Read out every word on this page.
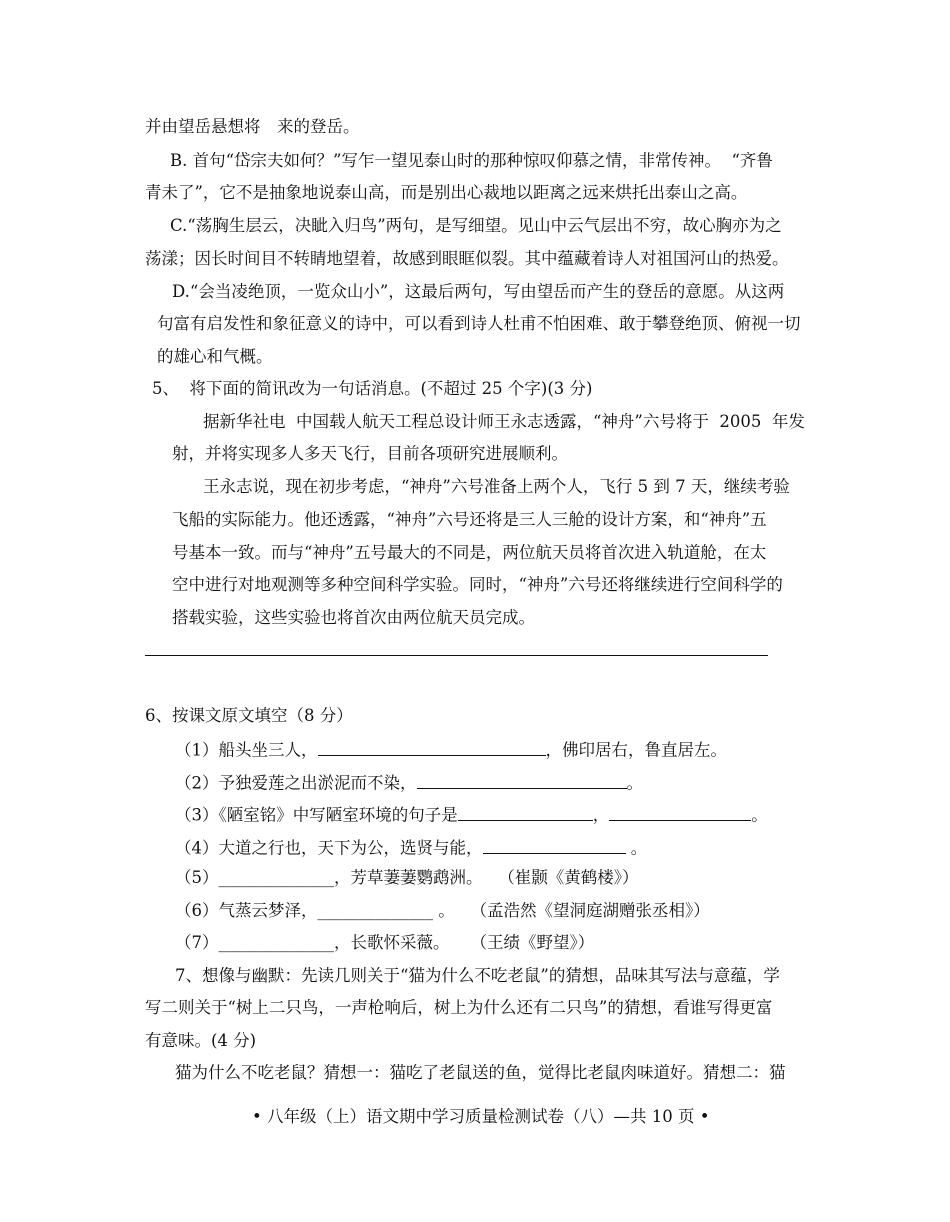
并由望岳悬想将　来的登岳。
B. 首句“岱宗夫如何？”写乍一望见泰山时的那种惊叹仰慕之情，非常传神。  “齐鲁
青未了”，它不是抽象地说泰山高，而是别出心裁地以距离之远来烘托出泰山之高。
C.“荡胸生层云，决眦入归鸟”两句，是写细望。见山中云气层出不穷，故心胸亦为之
荡漾；因长时间目不转睛地望着，故感到眼眶似裂。其中蕴藏着诗人对祖国河山的热爱。
D.“会当凌绝顶，一览众山小”，这最后两句，写由望岳而产生的登岳的意愿。从这两
句富有启发性和象征意义的诗中，可以看到诗人杜甫不怕困难、敢于攀登绝顶、俯视一切
的雄心和气概。
5、  将下面的简讯改为一句话消息。(不超过 25 个字)(3 分)
据新华社电  中国载人航天工程总设计师王永志透露，“神舟”六号将于  2005  年发
射，并将实现多人多天飞行，目前各项研究进展顺利。
王永志说，现在初步考虑，“神舟”六号准备上两个人，飞行 5 到 7 天，继续考验
飞船的实际能力。他还透露，“神舟”六号还将是三人三舱的设计方案，和“神舟”五
号基本一致。而与“神舟”五号最大的不同是，两位航天员将首次进入轨道舱，在太
空中进行对地观测等多种空间科学实验。同时，“神舟”六号还将继续进行空间科学的
搭载实验，这些实验也将首次由两位航天员完成。
6、按课文原文填空（8 分）
（1）船头坐三人，	，佛印居右，鲁直居左。
（2）予独爱莲之出淤泥而不染，	。
（3）《陋室铭》中写陋室环境的句子是	，	。
（4）大道之行也，天下为公，选贤与能，	。
（5）______________，芳草萋萋鹦鹉洲。   （崔颢《黄鹤楼》）
（6）气蒸云梦泽，______________ 。   （孟浩然《望洞庭湖赠张丞相》）
（7）______________，长歌怀采薇。    （王绩《野望》）
7、想像与幽默：先读几则关于“猫为什么不吃老鼠”的猜想，品味其写法与意蕴，学
写二则关于“树上二只鸟，一声枪响后，树上为什么还有二只鸟”的猜想，看谁写得更富
有意味。(4 分)
猫为什么不吃老鼠？猜想一：猫吃了老鼠送的鱼，觉得比老鼠肉味道好。猜想二：猫
• 八年级（上）语文期中学习质量检测试卷（八）—共 10 页 •
